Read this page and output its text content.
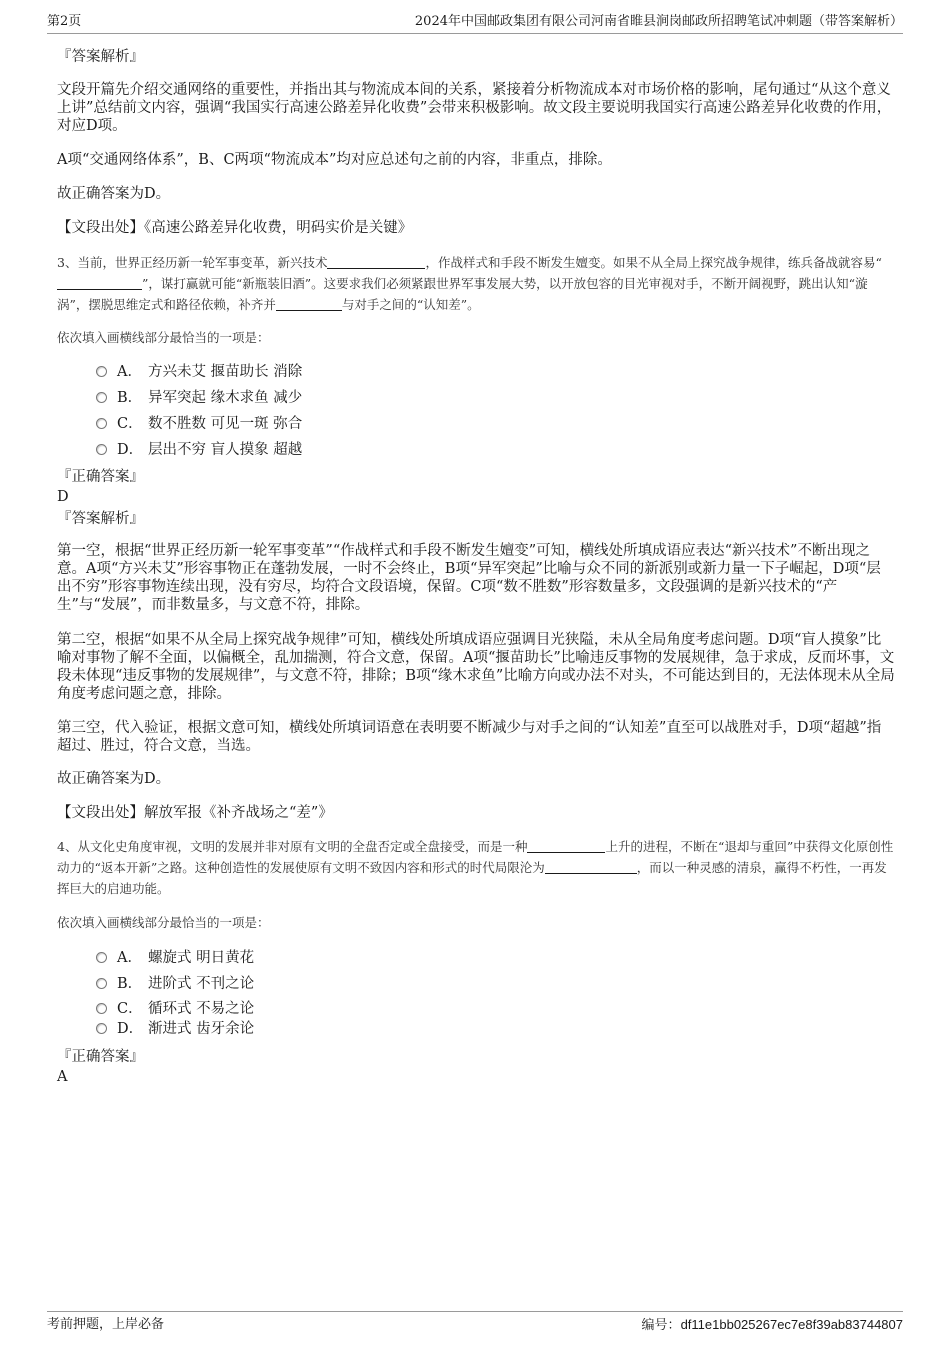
第2页	2024年中国邮政集团有限公司河南省睢县涧岗邮政所招聘笔试冲刺题（带答案解析）
『答案解析』
文段开篇先介绍交通网络的重要性，并指出其与物流成本间的关系，紧接着分析物流成本对市场价格的影响，尾句通过“从这个意义上讲”总结前文内容，强调“我国实行高速公路差异化收费”会带来积极影响。故文段主要说明我国实行高速公路差异化收费的作用，对应D项。
A项“交通网络体系”，B、C两项“物流成本”均对应总述句之前的内容，非重点，排除。
故正确答案为D。
【文段出处】《高速公路差异化收费，明码实价是关键》
3、当前，世界正经历新一轮军事变革，新兴技术	，作战样式和手段不断发生嬗变。如果不从全局上探究战争规律，练兵备战就容易“”，谋打赢就可能“新瓶装旧酒”。这要求我们必须紧跟世界军事发展大势，以开放包容的目光审视对手，不断开阔视野，跳出认知“漩涡”，摆脱思维定式和路径依赖，补齐并	与对手之间的“认知差”。
依次填入画横线部分最恰当的一项是：
A． 方兴未艾 揠苗助长 消除
B． 异军突起 缘木求鱼 减少
C． 数不胜数 可见一斑 弥合
D． 层出不穷 盲人摸象 超越
『正确答案』
D
『答案解析』
第一空，根据“世界正经历新一轮军事变革”“作战样式和手段不断发生嬗变”可知，横线处所填成语应表达“新兴技术”不断出现之意。A项“方兴未艾”形容事物正在蓬勃发展，一时不会终止，B项“异军突起”比喻与众不同的新派别或新力量一下子崛起，D项“层出不穷”形容事物连续出现，没有穷尽，均符合文段语境，保留。C项“数不胜数”形容数量多，文段强调的是新兴技术的“产生”与“发展”，而非数量多，与文意不符，排除。
第二空，根据“如果不从全局上探究战争规律”可知，横线处所填成语应强调目光狭隘，未从全局角度考虑问题。D项“盲人摸象”比喻对事物了解不全面，以偏概全，乱加揣测，符合文意，保留。A项“揠苗助长”比喻违反事物的发展规律，急于求成，反而坏事，文段未体现“违反事物的发展规律”，与文意不符，排除；B项“缘木求鱼”比喻方向或办法不对头，不可能达到目的，无法体现未从全局角度考虑问题之意，排除。
第三空，代入验证，根据文意可知，横线处所填词语意在表明要不断减少与对手之间的“认知差”直至可以战胜对手，D项“超越”指超过、胜过，符合文意，当选。
故正确答案为D。
【文段出处】解放军报《补齐战场之“差”》
4、从文化史角度审视，文明的发展并非对原有文明的全盘否定或全盘接受，而是一种	上升的进程，不断在“退却与重回”中获得文化原创性动力的“返本开新”之路。这种创造性的发展使原有文明不致因内容和形式的时代局限沦为	，而以一种灵感的清泉，赢得不朽性，一再发挥巨大的启迪功能。
依次填入画横线部分最恰当的一项是：
A． 螺旋式 明日黄花
B． 进阶式 不刊之论
C． 循环式 不易之论
D． 渐进式 齿牙余论
『正确答案』
A
考前押题，上岸必备	编号：df11e1bb025267ec7e8f39ab83744807
